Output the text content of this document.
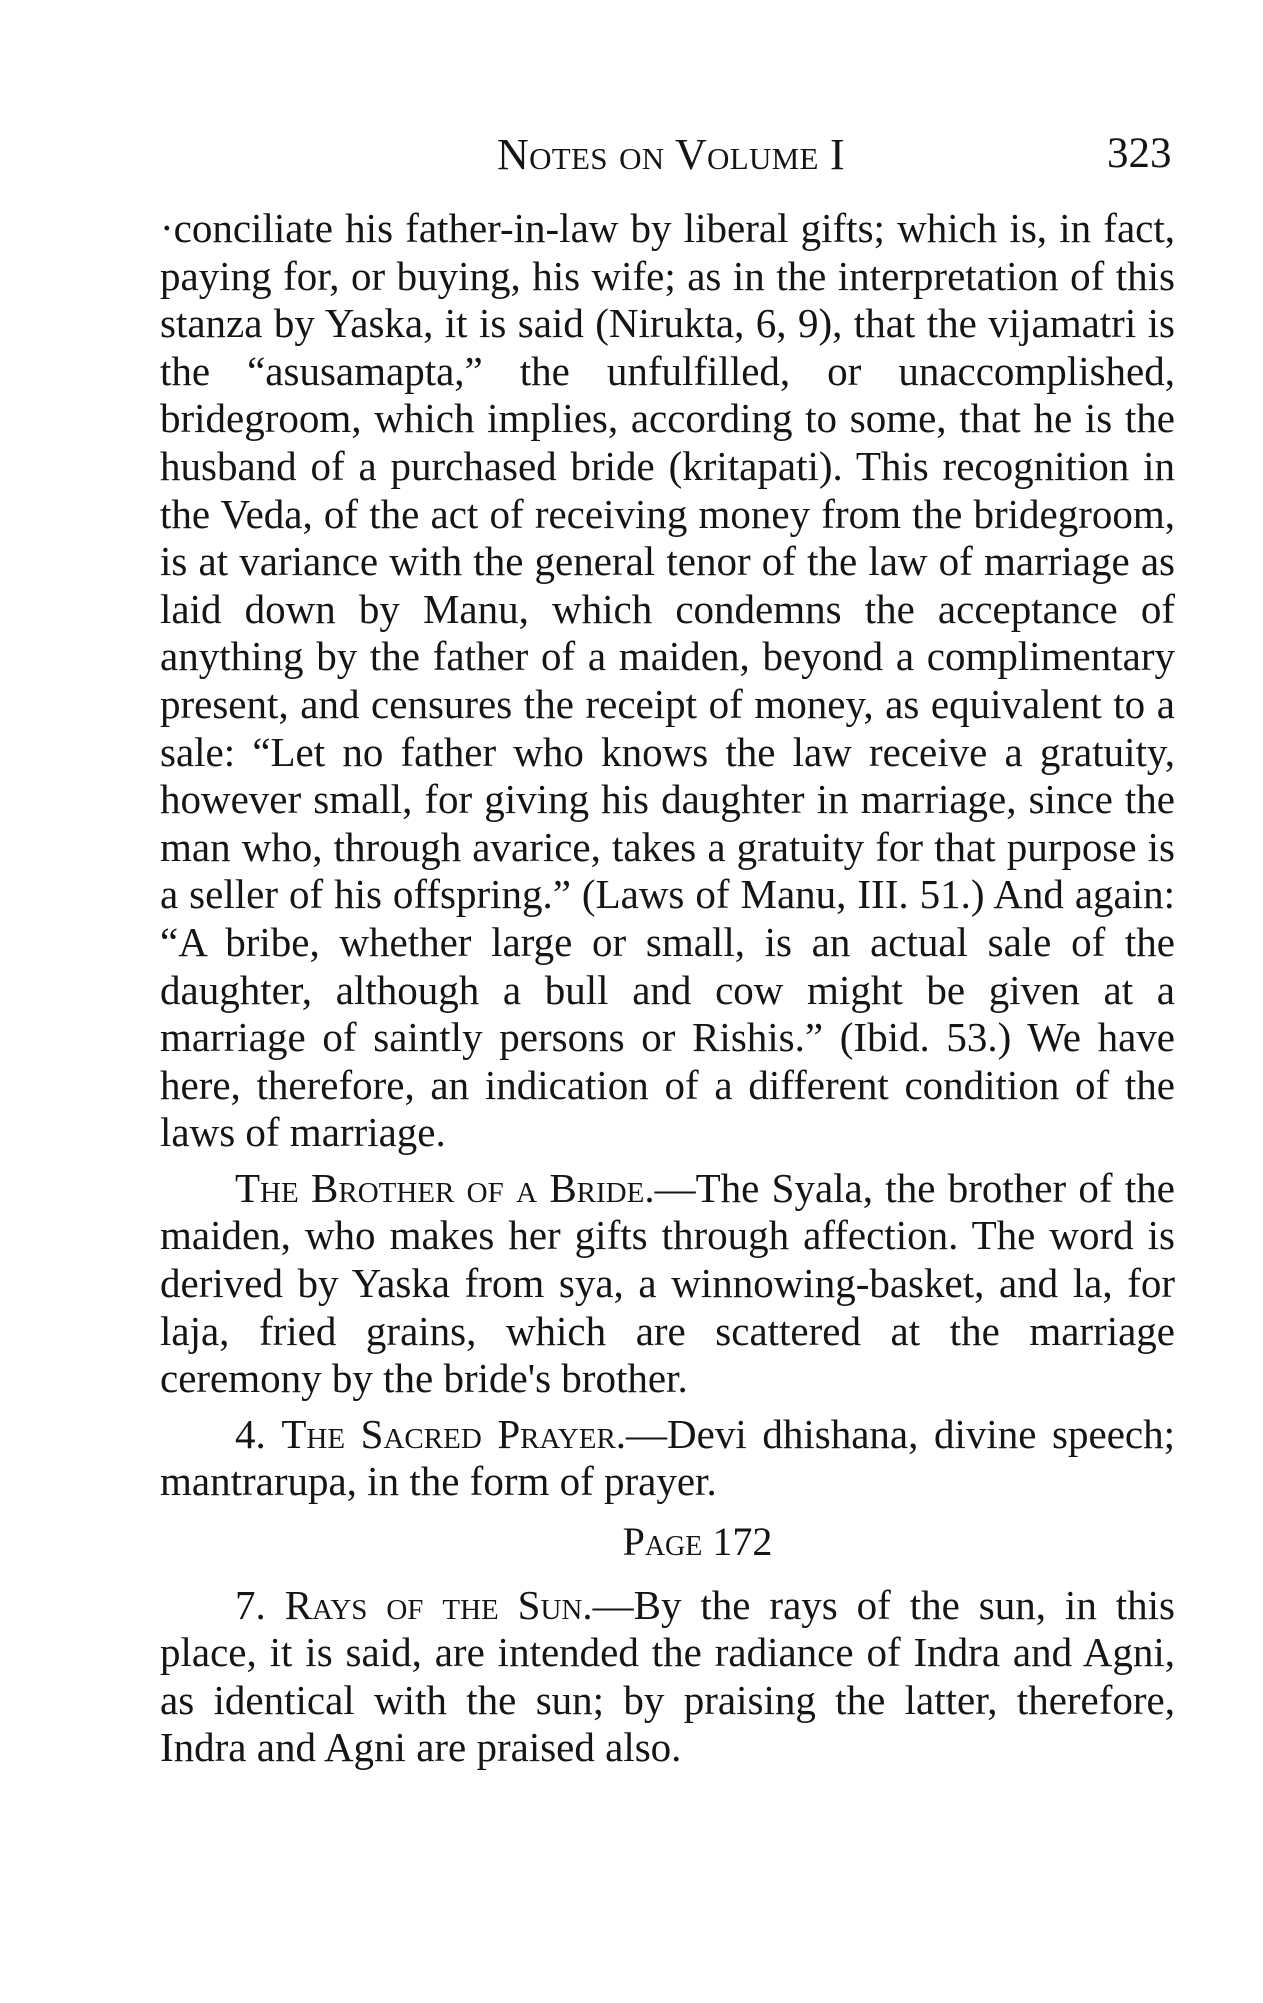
Notes on Volume I	323

·conciliate his father-in-law by liberal gifts; which is, in fact, paying for, or buying, his wife; as in the interpretation of this stanza by Yaska, it is said (Nirukta, 6, 9), that the vijamatri is the “asusamapta,” the unfulfilled, or unaccomplished, bridegroom, which implies, according to some, that he is the husband of a purchased bride (kritapati). This recognition in the Veda, of the act of receiving money from the bridegroom, is at variance with the general tenor of the law of marriage as laid down by Manu, which condemns the acceptance of anything by the father of a maiden, beyond a complimentary present, and censures the receipt of money, as equivalent to a sale: “Let no father who knows the law receive a gratuity, however small, for giving his daughter in marriage, since the man who, through avarice, takes a gratuity for that purpose is a seller of his offspring.” (Laws of Manu, III. 51.) And again: “A bribe, whether large or small, is an actual sale of the daughter, although a bull and cow might be given at a marriage of saintly persons or Rishis.” (Ibid. 53.) We have here, therefore, an indication of a different condition of the laws of marriage.

The Brother of a Bride.—The Syala, the brother of the maiden, who makes her gifts through affection. The word is derived by Yaska from sya, a winnowing-basket, and la, for laja, fried grains, which are scattered at the marriage ceremony by the bride's brother.

4. The Sacred Prayer.—Devi dhishana, divine speech; mantrarupa, in the form of prayer.

Page 172

7. Rays of the Sun.—By the rays of the sun, in this place, it is said, are intended the radiance of Indra and Agni, as identical with the sun; by praising the latter, therefore, Indra and Agni are praised also.
